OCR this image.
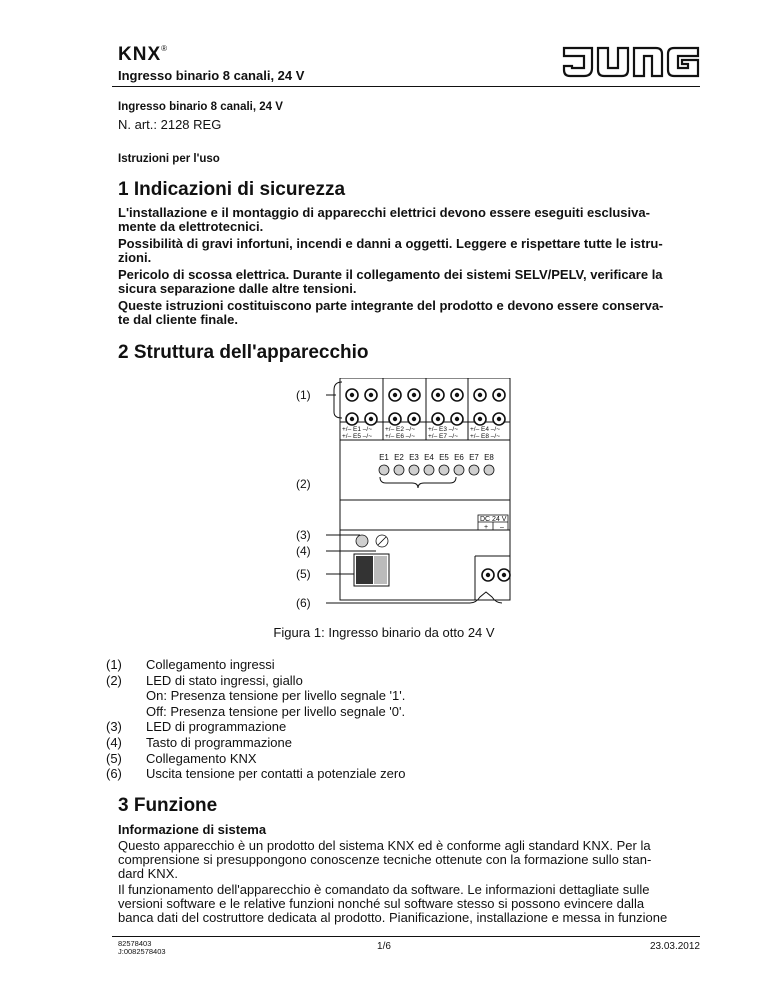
KNX®
Ingresso binario 8 canali, 24 V
Ingresso binario 8 canali, 24 V
N. art.: 2128 REG
Istruzioni per l'uso
1 Indicazioni di sicurezza
L'installazione e il montaggio di apparecchi elettrici devono essere eseguiti esclusiva-
mente da elettrotecnici.
Possibilità di gravi infortuni, incendi e danni a oggetti. Leggere e rispettare tutte le istru-
zioni.
Pericolo di scossa elettrica. Durante il collegamento dei sistemi SELV/PELV, verificare la
sicura separazione dalle altre tensioni.
Queste istruzioni costituiscono parte integrante del prodotto e devono essere conserva-
te dal cliente finale.
2 Struttura dell'apparecchio
(1)
(2)
(3)
(4)
(5)
(6)
+/– E1 –/~ +/– E2 –/~ +/– E3 –/~ +/– E4 –/~
+/– E5 –/~ +/– E6 –/~ +/– E7 –/~ +/– E8 –/~
E1 E2 E3 E4 E5 E6 E7 E8
DC 24 V
+ –
Figura 1: Ingresso binario da otto 24 V
(1)	Collegamento ingressi
(2)	LED di stato ingressi, giallo
On: Presenza tensione per livello segnale '1'.
Off: Presenza tensione per livello segnale '0'.
(3)	LED di programmazione
(4)	Tasto di programmazione
(5)	Collegamento KNX
(6)	Uscita tensione per contatti a potenziale zero
3 Funzione
Informazione di sistema
Questo apparecchio è un prodotto del sistema KNX ed è conforme agli standard KNX. Per la
comprensione si presuppongono conoscenze tecniche ottenute con la formazione sullo stan-
dard KNX.
Il funzionamento dell'apparecchio è comandato da software. Le informazioni dettagliate sulle
versioni software e le relative funzioni nonché sul software stesso si possono evincere dalla
banca dati del costruttore dedicata al prodotto. Pianificazione, installazione e messa in funzione
82578403
J:0082578403	1/6	23.03.2012
